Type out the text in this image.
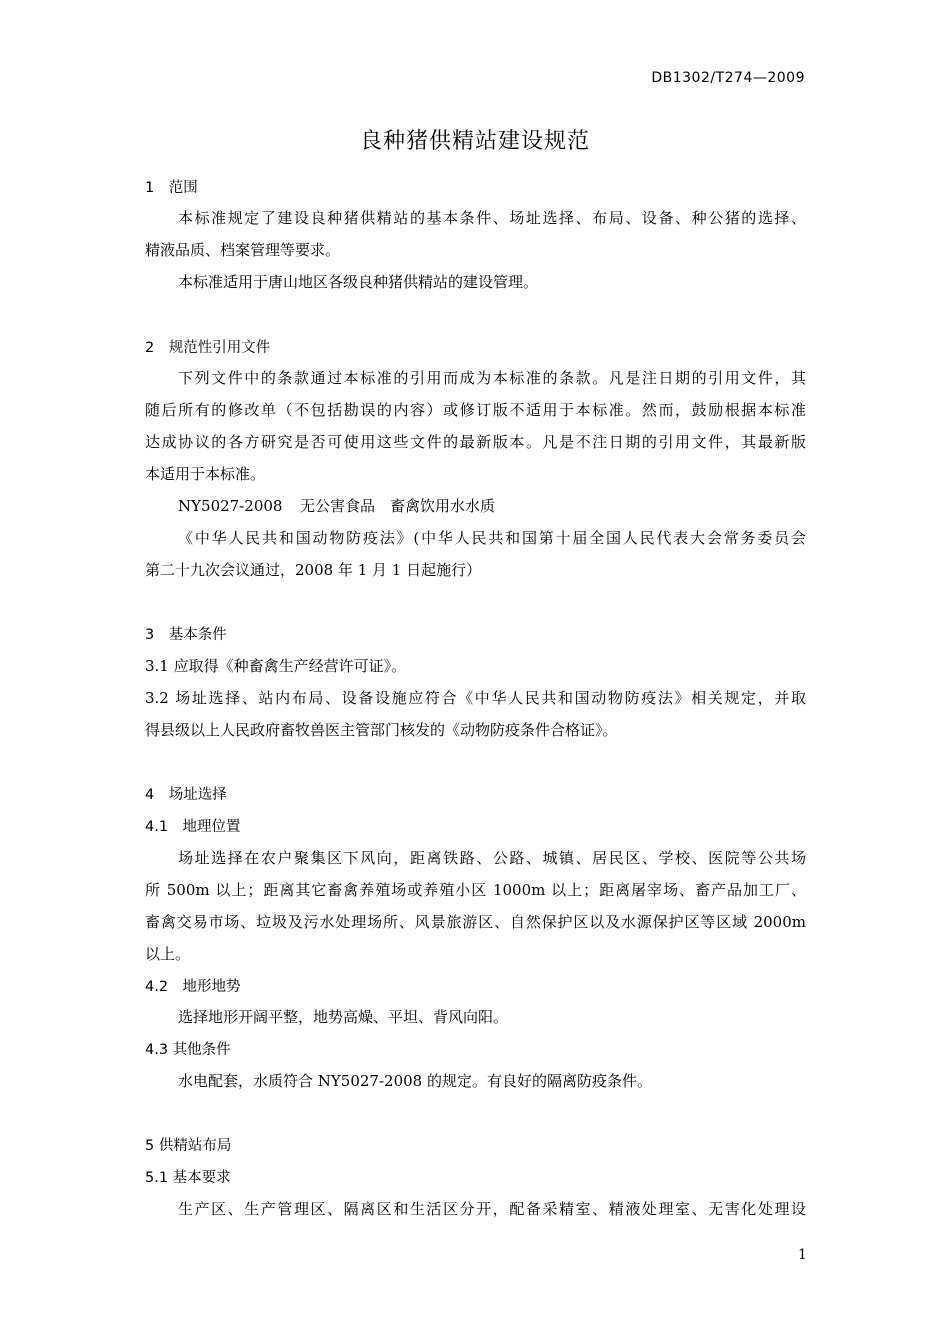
DB1302/T274—2009
良种猪供精站建设规范
1　范围
本标准规定了建设良种猪供精站的基本条件、场址选择、布局、设备、种公猪的选择、
精液品质、档案管理等要求。
本标准适用于唐山地区各级良种猪供精站的建设管理。
2　规范性引用文件
下列文件中的条款通过本标准的引用而成为本标准的条款。凡是注日期的引用文件，其
随后所有的修改单（不包括勘误的内容）或修订版不适用于本标准。然而，鼓励根据本标准
达成协议的各方研究是否可使用这些文件的最新版本。凡是不注日期的引用文件，其最新版
本适用于本标准。
NY5027-2008 无公害食品　畜禽饮用水水质
《中华人民共和国动物防疫法》(中华人民共和国第十届全国人民代表大会常务委员会
第二十九次会议通过，2008 年 1 月 1 日起施行）
3　基本条件
3.1 应取得《种畜禽生产经营许可证》。
3.2 场址选择、站内布局、设备设施应符合《中华人民共和国动物防疫法》相关规定，并取
得县级以上人民政府畜牧兽医主管部门核发的《动物防疫条件合格证》。
4　场址选择
4.1　地理位置
场址选择在农户聚集区下风向，距离铁路、公路、城镇、居民区、学校、医院等公共场
所 500m 以上；距离其它畜禽养殖场或养殖小区 1000m 以上；距离屠宰场、畜产品加工厂、
畜禽交易市场、垃圾及污水处理场所、风景旅游区、自然保护区以及水源保护区等区域 2000m
以上。
4.2　地形地势
选择地形开阔平整，地势高燥、平坦、背风向阳。
4.3 其他条件
水电配套，水质符合 NY5027-2008 的规定。有良好的隔离防疫条件。
5 供精站布局
5.1 基本要求
生产区、生产管理区、隔离区和生活区分开，配备采精室、精液处理室、无害化处理设
1
